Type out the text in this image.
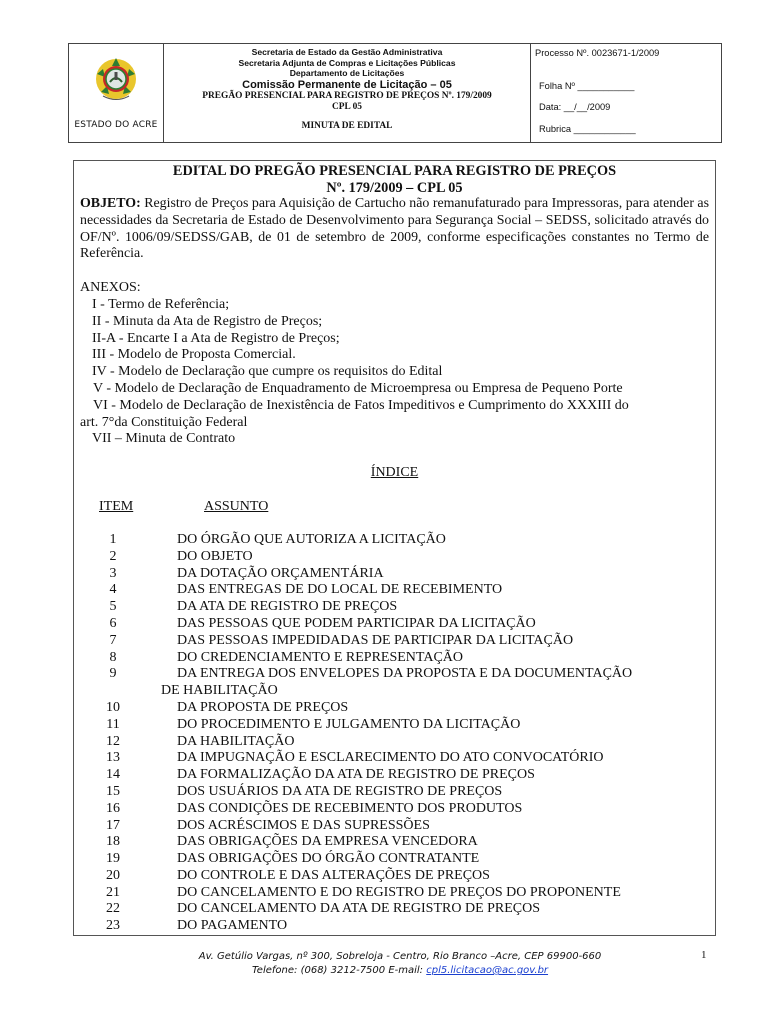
ESTADO DO ACRE
Secretaria de Estado da Gestão Administrativa
Secretaria Adjunta de Compras e Licitações Públicas
Departamento de Licitações
Comissão Permanente de Licitação – 05
PREGÃO PRESENCIAL PARA REGISTRO DE PREÇOS Nº. 179/2009
CPL 05
MINUTA DE EDITAL
Processo Nº. 0023671-1/2009
Folha Nº ___________
Data: __/__/2009
Rubrica ____________
EDITAL DO PREGÃO PRESENCIAL PARA REGISTRO DE PREÇOS
Nº. 179/2009 – CPL 05
OBJETO: Registro de Preços para Aquisição de Cartucho não remanufaturado para Impressoras, para atender as necessidades da Secretaria de Estado de Desenvolvimento para Segurança Social – SEDSS, solicitado através do OF/Nº. 1006/09/SEDSS/GAB, de 01 de setembro de 2009, conforme especificações constantes no Termo de Referência.
ANEXOS:
I - Termo de Referência;
II - Minuta da Ata de Registro de Preços;
II-A - Encarte I a Ata de Registro de Preços;
III - Modelo de Proposta Comercial.
IV - Modelo de Declaração que cumpre os requisitos do Edital
V - Modelo de Declaração de Enquadramento de Microempresa ou Empresa de Pequeno Porte
VI - Modelo de Declaração de Inexistência de Fatos Impeditivos e Cumprimento do XXXIII do
art. 7°da Constituição Federal
VII – Minuta de Contrato
ÍNDICE
ITEM	ASSUNTO
1	DO ÓRGÃO QUE AUTORIZA A LICITAÇÃO
2	DO OBJETO
3	DA DOTAÇÃO ORÇAMENTÁRIA
4	DAS ENTREGAS DE DO LOCAL DE RECEBIMENTO
5	DA ATA DE REGISTRO DE PREÇOS
6	DAS PESSOAS QUE PODEM PARTICIPAR DA LICITAÇÃO
7	DAS PESSOAS IMPEDIDADAS DE PARTICIPAR DA LICITAÇÃO
8	DO CREDENCIAMENTO E REPRESENTAÇÃO
9	DA ENTREGA DOS ENVELOPES DA PROPOSTA E DA DOCUMENTAÇÃO
DE HABILITAÇÃO
10	DA PROPOSTA DE PREÇOS
11	DO PROCEDIMENTO E JULGAMENTO DA LICITAÇÃO
12	DA HABILITAÇÃO
13	DA IMPUGNAÇÃO E ESCLARECIMENTO DO ATO CONVOCATÓRIO
14	DA FORMALIZAÇÃO DA ATA DE REGISTRO DE PREÇOS
15	DOS USUÁRIOS DA ATA DE REGISTRO DE PREÇOS
16	DAS CONDIÇÕES DE RECEBIMENTO DOS PRODUTOS
17	DOS ACRÉSCIMOS E DAS SUPRESSÕES
18	DAS OBRIGAÇÕES DA EMPRESA VENCEDORA
19	DAS OBRIGAÇÕES DO ÓRGÃO CONTRATANTE
20	DO CONTROLE E DAS ALTERAÇÕES DE PREÇOS
21	DO CANCELAMENTO E DO REGISTRO DE PREÇOS DO PROPONENTE
22	DO CANCELAMENTO DA ATA DE REGISTRO DE PREÇOS
23	DO PAGAMENTO
Av. Getúlio Vargas, nº 300, Sobreloja - Centro, Rio Branco –Acre, CEP 69900-660
Telefone: (068) 3212-7500 E-mail: cpl5.licitacao@ac.gov.br
1
